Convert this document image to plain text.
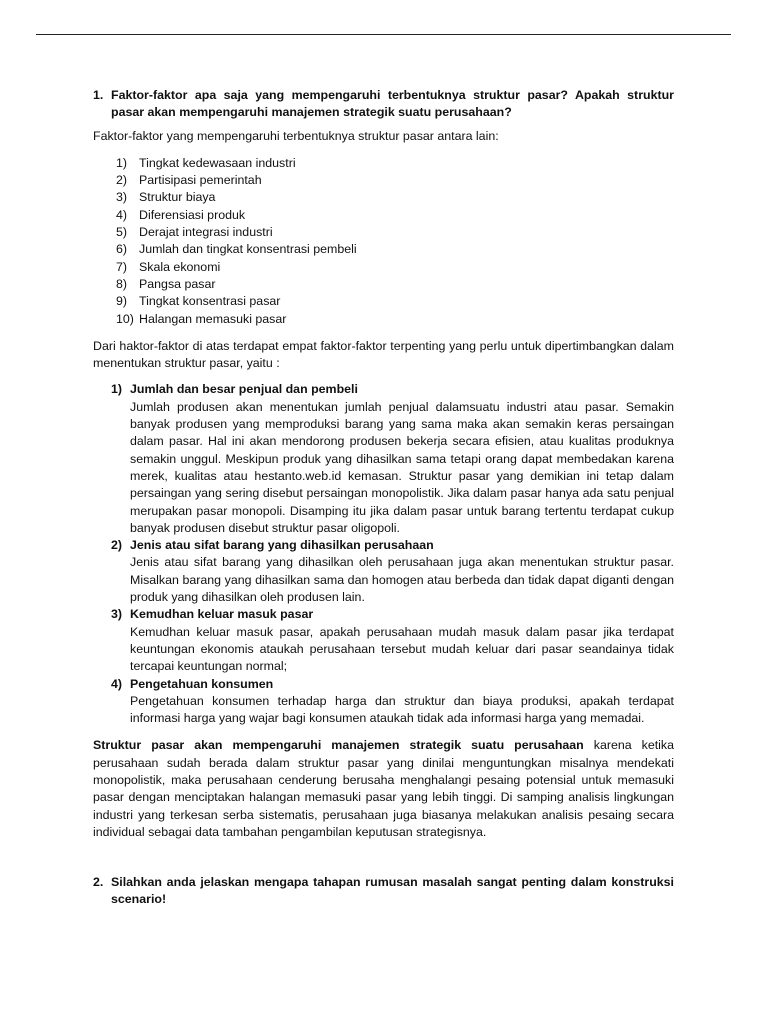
1. Faktor-faktor apa saja yang mempengaruhi terbentuknya struktur pasar? Apakah struktur pasar akan mempengaruhi manajemen strategik suatu perusahaan?

Faktor-faktor yang mempengaruhi terbentuknya struktur pasar antara lain:

1) Tingkat kedewasaan industri
2) Partisipasi pemerintah
3) Struktur biaya
4) Diferensiasi produk
5) Derajat integrasi industri
6) Jumlah dan tingkat konsentrasi pembeli
7) Skala ekonomi
8) Pangsa pasar
9) Tingkat konsentrasi pasar
10) Halangan memasuki pasar

Dari haktor-faktor di atas terdapat empat faktor-faktor terpenting yang perlu untuk dipertimbangkan dalam menentukan struktur pasar, yaitu :

1) Jumlah dan besar penjual dan pembeli
Jumlah produsen akan menentukan jumlah penjual dalamsuatu industri atau pasar. Semakin banyak produsen yang memproduksi barang yang sama maka akan semakin keras persaingan dalam pasar. Hal ini akan mendorong produsen bekerja secara efisien, atau kualitas produknya semakin unggul. Meskipun produk yang dihasilkan sama tetapi orang dapat membedakan karena merek, kualitas atau hestanto.web.id kemasan. Struktur pasar yang demikian ini tetap dalam persaingan yang sering disebut persaingan monopolistik. Jika dalam pasar hanya ada satu penjual merupakan pasar monopoli. Disamping itu jika dalam pasar untuk barang tertentu terdapat cukup banyak produsen disebut struktur pasar oligopoli.
2) Jenis atau sifat barang yang dihasilkan perusahaan
Jenis atau sifat barang yang dihasilkan oleh perusahaan juga akan menentukan struktur pasar. Misalkan barang yang dihasilkan sama dan homogen atau berbeda dan tidak dapat diganti dengan produk yang dihasilkan oleh produsen lain.
3) Kemudhan keluar masuk pasar
Kemudhan keluar masuk pasar, apakah perusahaan mudah masuk dalam pasar jika terdapat keuntungan ekonomis ataukah perusahaan tersebut mudah keluar dari pasar seandainya tidak tercapai keuntungan normal;
4) Pengetahuan konsumen
Pengetahuan konsumen terhadap harga dan struktur dan biaya produksi, apakah terdapat informasi harga yang wajar bagi konsumen ataukah tidak ada informasi harga yang memadai.

Struktur pasar akan mempengaruhi manajemen strategik suatu perusahaan karena ketika perusahaan sudah berada dalam struktur pasar yang dinilai menguntungkan misalnya mendekati monopolistik, maka perusahaan cenderung berusaha menghalangi pesaing potensial untuk memasuki pasar dengan menciptakan halangan memasuki pasar yang lebih tinggi. Di samping analisis lingkungan industri yang terkesan serba sistematis, perusahaan juga biasanya melakukan analisis pesaing secara individual sebagai data tambahan pengambilan keputusan strategisnya.

2. Silahkan anda jelaskan mengapa tahapan rumusan masalah sangat penting dalam konstruksi scenario!
